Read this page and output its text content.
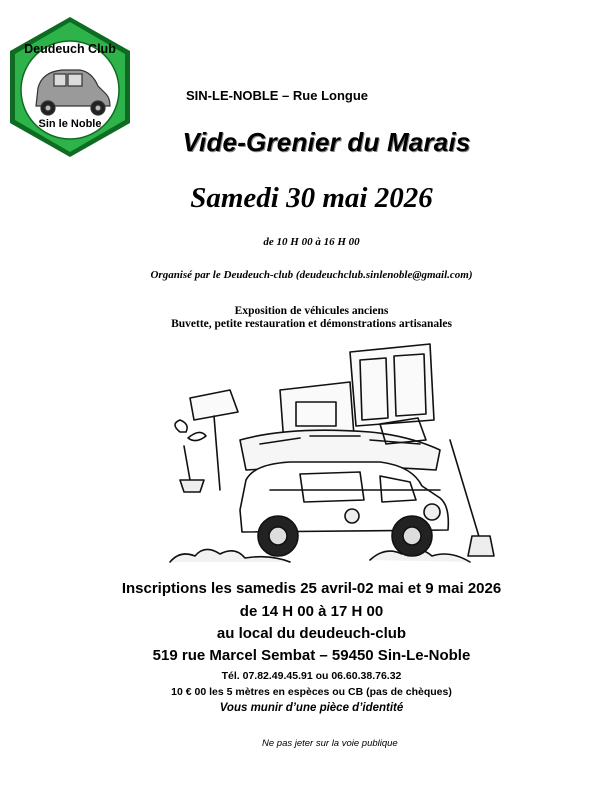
Deudeuch Club
Sin le Noble
SIN-LE-NOBLE – Rue Longue
Vide-Grenier du Marais
Samedi 30 mai 2026
de 10 H 00 à 16 H 00
Organisé par le Deudeuch-club (deudeuchclub.sinlenoble@gmail.com)
Exposition de véhicules anciens
Buvette, petite restauration et démonstrations artisanales
Inscriptions les samedis 25 avril-02 mai et 9 mai 2026
de 14 H 00 à 17 H 00
au local du deudeuch-club
519 rue Marcel Sembat – 59450 Sin-Le-Noble
Tél. 07.82.49.45.91 ou 06.60.38.76.32
10 € 00 les 5 mètres en espèces ou CB (pas de chèques)
Vous munir d’une pièce d’identité
Ne pas jeter sur la voie publique
